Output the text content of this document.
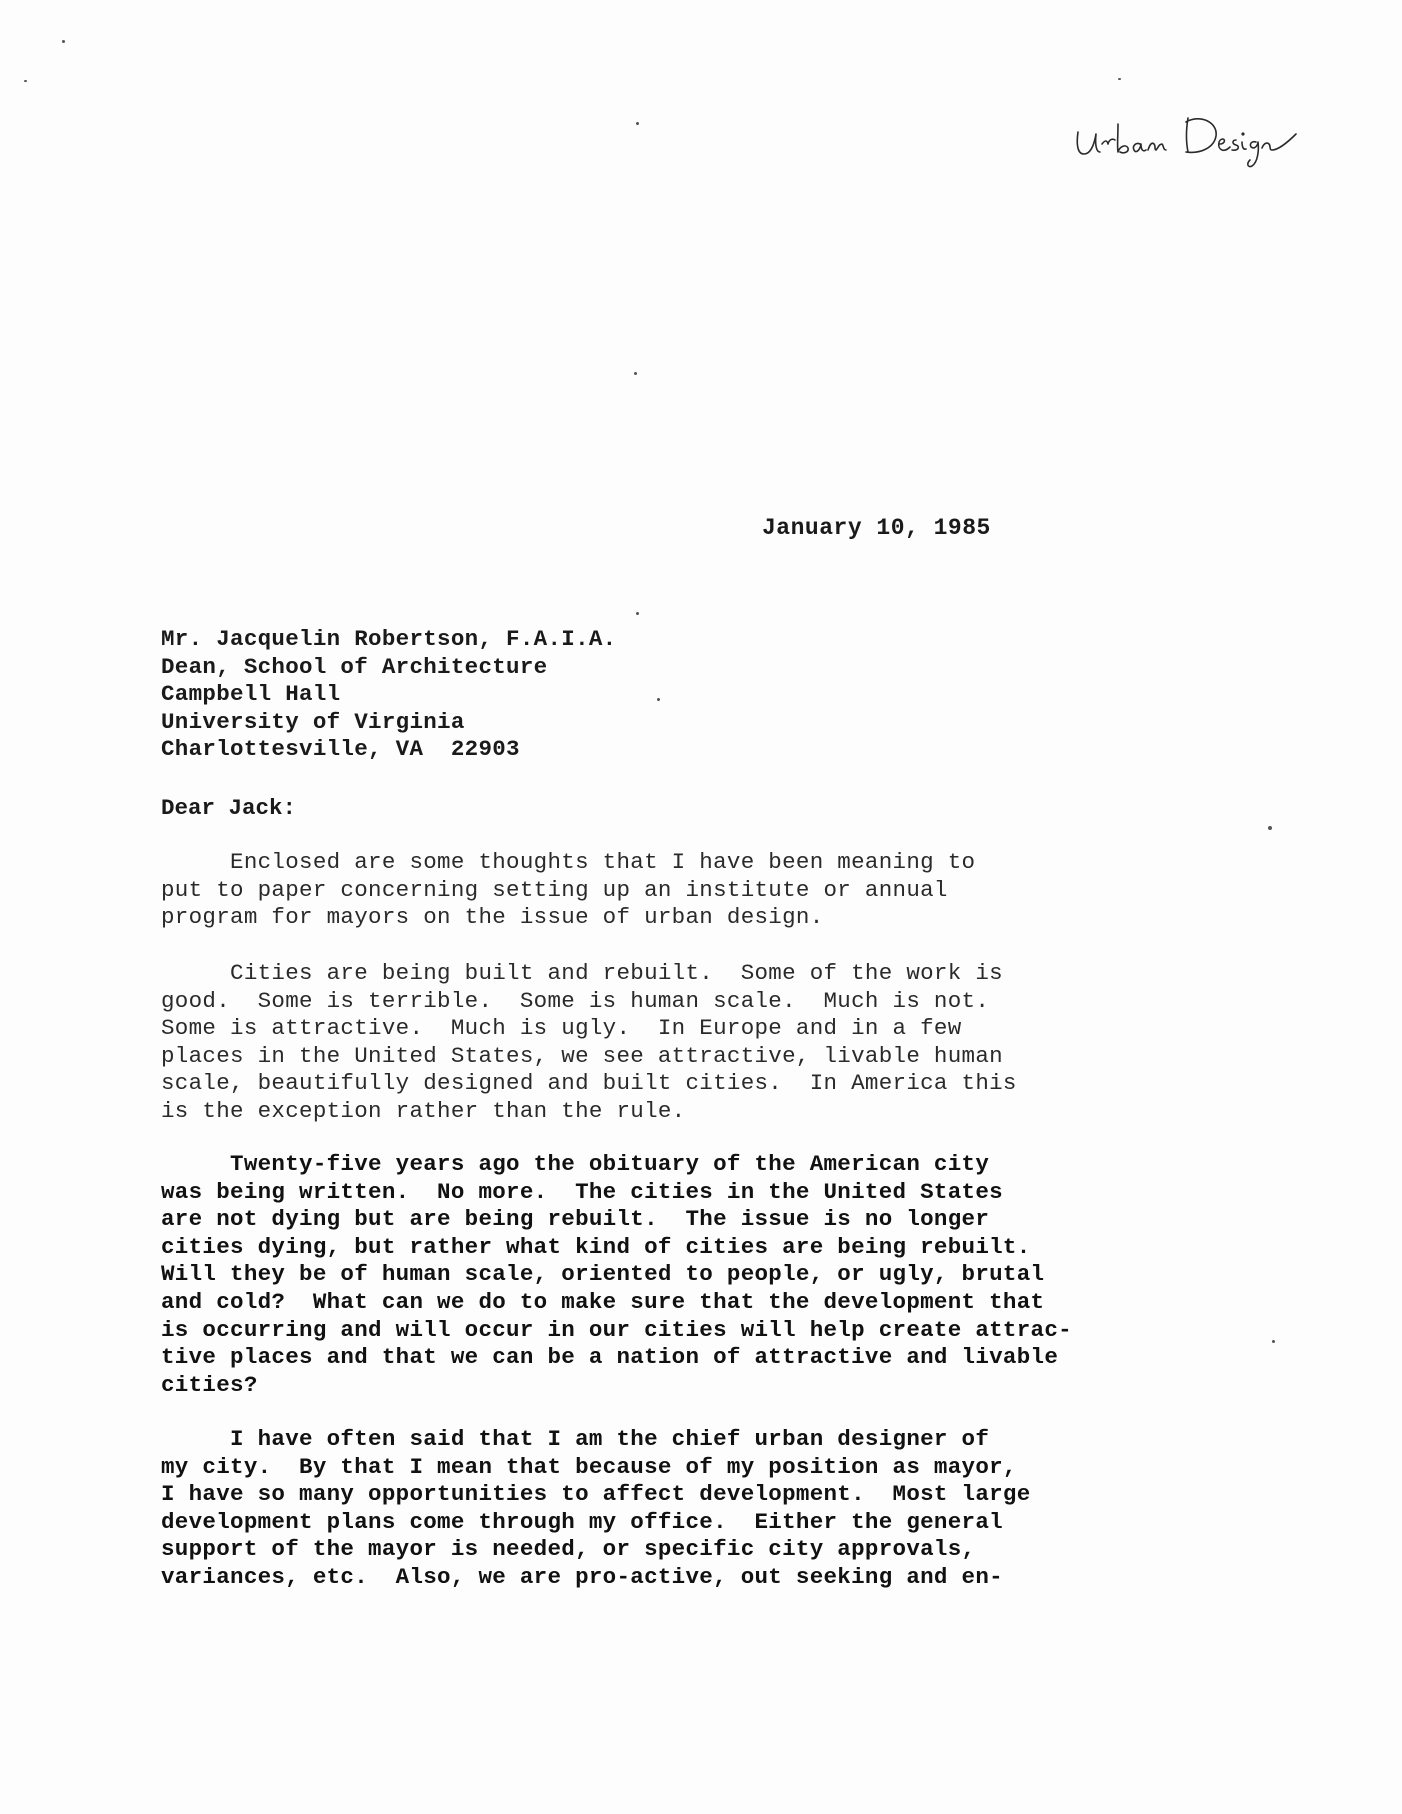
January 10, 1985
Mr. Jacquelin Robertson, F.A.I.A.
Dean, School of Architecture
Campbell Hall
University of Virginia
Charlottesville, VA  22903
Dear Jack:
Enclosed are some thoughts that I have been meaning to
put to paper concerning setting up an institute or annual
program for mayors on the issue of urban design.
Cities are being built and rebuilt.  Some of the work is
good.  Some is terrible.  Some is human scale.  Much is not.
Some is attractive.  Much is ugly.  In Europe and in a few
places in the United States, we see attractive, livable human
scale, beautifully designed and built cities.  In America this
is the exception rather than the rule.
Twenty-five years ago the obituary of the American city
was being written.  No more.  The cities in the United States
are not dying but are being rebuilt.  The issue is no longer
cities dying, but rather what kind of cities are being rebuilt.
Will they be of human scale, oriented to people, or ugly, brutal
and cold?  What can we do to make sure that the development that
is occurring and will occur in our cities will help create attrac-
tive places and that we can be a nation of attractive and livable
cities?
I have often said that I am the chief urban designer of
my city.  By that I mean that because of my position as mayor,
I have so many opportunities to affect development.  Most large
development plans come through my office.  Either the general
support of the mayor is needed, or specific city approvals,
variances, etc.  Also, we are pro-active, out seeking and en-
